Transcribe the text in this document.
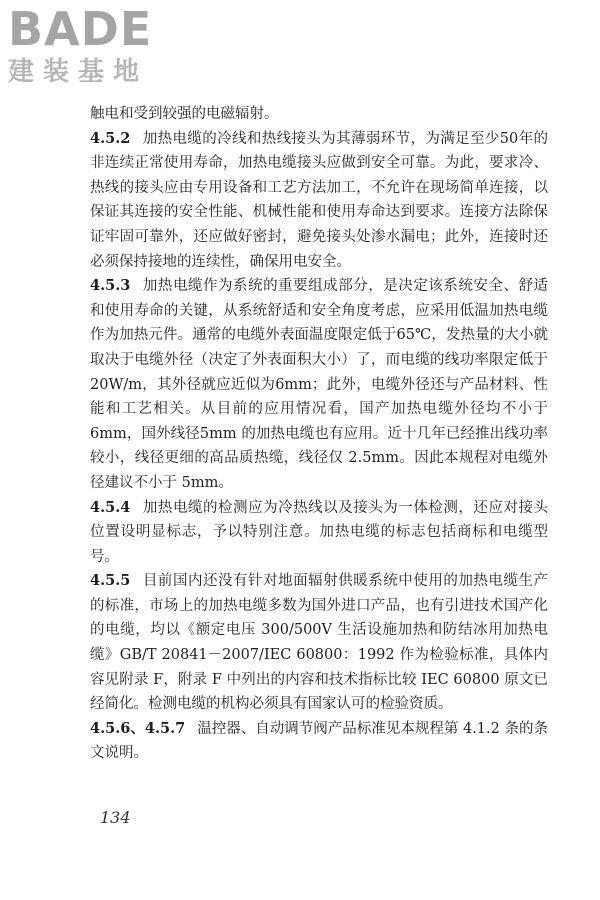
BADE
建装基地

触电和受到较强的电磁辐射。

4.5.2 加热电缆的冷线和热线接头为其薄弱环节，为满足至少50年的非连续正常使用寿命，加热电缆接头应做到安全可靠。为此，要求冷、热线的接头应由专用设备和工艺方法加工，不允许在现场简单连接，以保证其连接的安全性能、机械性能和使用寿命达到要求。连接方法除保证牢固可靠外，还应做好密封，避免接头处渗水漏电；此外，连接时还必须保持接地的连续性，确保用电安全。

4.5.3 加热电缆作为系统的重要组成部分，是决定该系统安全、舒适和使用寿命的关键，从系统舒适和安全角度考虑，应采用低温加热电缆作为加热元件。通常的电缆外表面温度限定低于65℃，发热量的大小就取决于电缆外径（决定了外表面积大小）了，而电缆的线功率限定低于 20W/m，其外径就应近似为6mm；此外，电缆外径还与产品材料、性能和工艺相关。从目前的应用情况看，国产加热电缆外径均不小于 6mm，国外线径5mm 的加热电缆也有应用。近十几年已经推出线功率较小，线径更细的高品质热缆，线径仅 2.5mm。因此本规程对电缆外径建议不小于 5mm。

4.5.4 加热电缆的检测应为冷热线以及接头为一体检测，还应对接头位置设明显标志，予以特别注意。加热电缆的标志包括商标和电缆型号。

4.5.5 目前国内还没有针对地面辐射供暖系统中使用的加热电缆生产的标准，市场上的加热电缆多数为国外进口产品，也有引进技术国产化的电缆，均以《额定电压 300/500V 生活设施加热和防结冰用加热电缆》GB/T 20841－2007/IEC 60800：1992 作为检验标准，具体内容见附录 F，附录 F 中列出的内容和技术指标比较 IEC 60800 原文已经简化。检测电缆的机构必须具有国家认可的检验资质。

4.5.6、4.5.7 温控器、自动调节阀产品标准见本规程第 4.1.2 条的条文说明。

134
